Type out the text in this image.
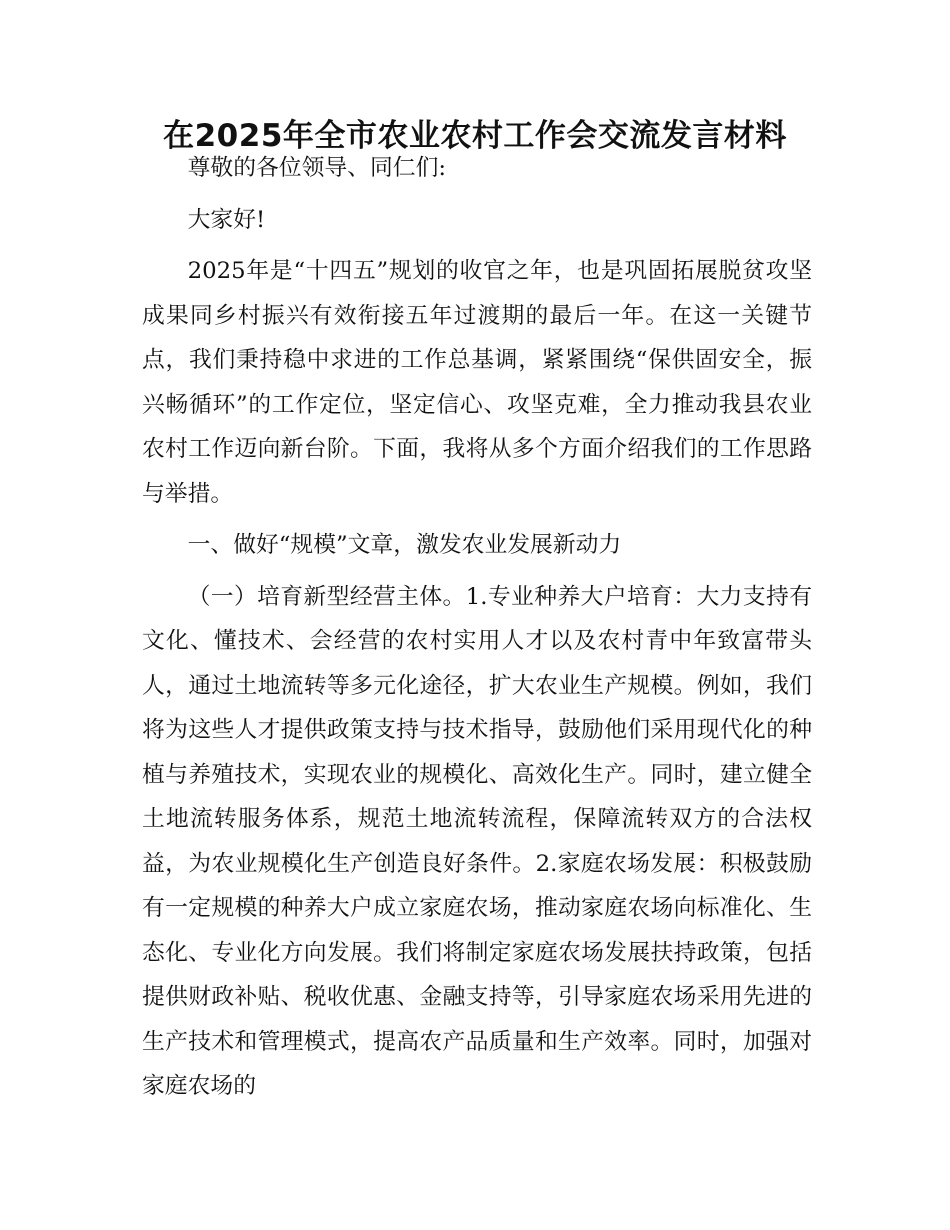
在2025年全市农业农村工作会交流发言材料

尊敬的各位领导、同仁们:

大家好!

2025年是“十四五”规划的收官之年，也是巩固拓展脱贫攻坚成果同乡村振兴有效衔接五年过渡期的最后一年。在这一关键节点，我们秉持稳中求进的工作总基调，紧紧围绕“保供固安全，振兴畅循环”的工作定位，坚定信心、攻坚克难，全力推动我县农业农村工作迈向新台阶。下面，我将从多个方面介绍我们的工作思路与举措。

一、做好“规模”文章，激发农业发展新动力

（一）培育新型经营主体。1.专业种养大户培育：大力支持有文化、懂技术、会经营的农村实用人才以及农村青中年致富带头人，通过土地流转等多元化途径，扩大农业生产规模。例如，我们将为这些人才提供政策支持与技术指导，鼓励他们采用现代化的种植与养殖技术，实现农业的规模化、高效化生产。同时，建立健全土地流转服务体系，规范土地流转流程，保障流转双方的合法权益，为农业规模化生产创造良好条件。2.家庭农场发展：积极鼓励有一定规模的种养大户成立家庭农场，推动家庭农场向标准化、生态化、专业化方向发展。我们将制定家庭农场发展扶持政策，包括提供财政补贴、税收优惠、金融支持等，引导家庭农场采用先进的生产技术和管理模式，提高农产品质量和生产效率。同时，加强对家庭农场的
